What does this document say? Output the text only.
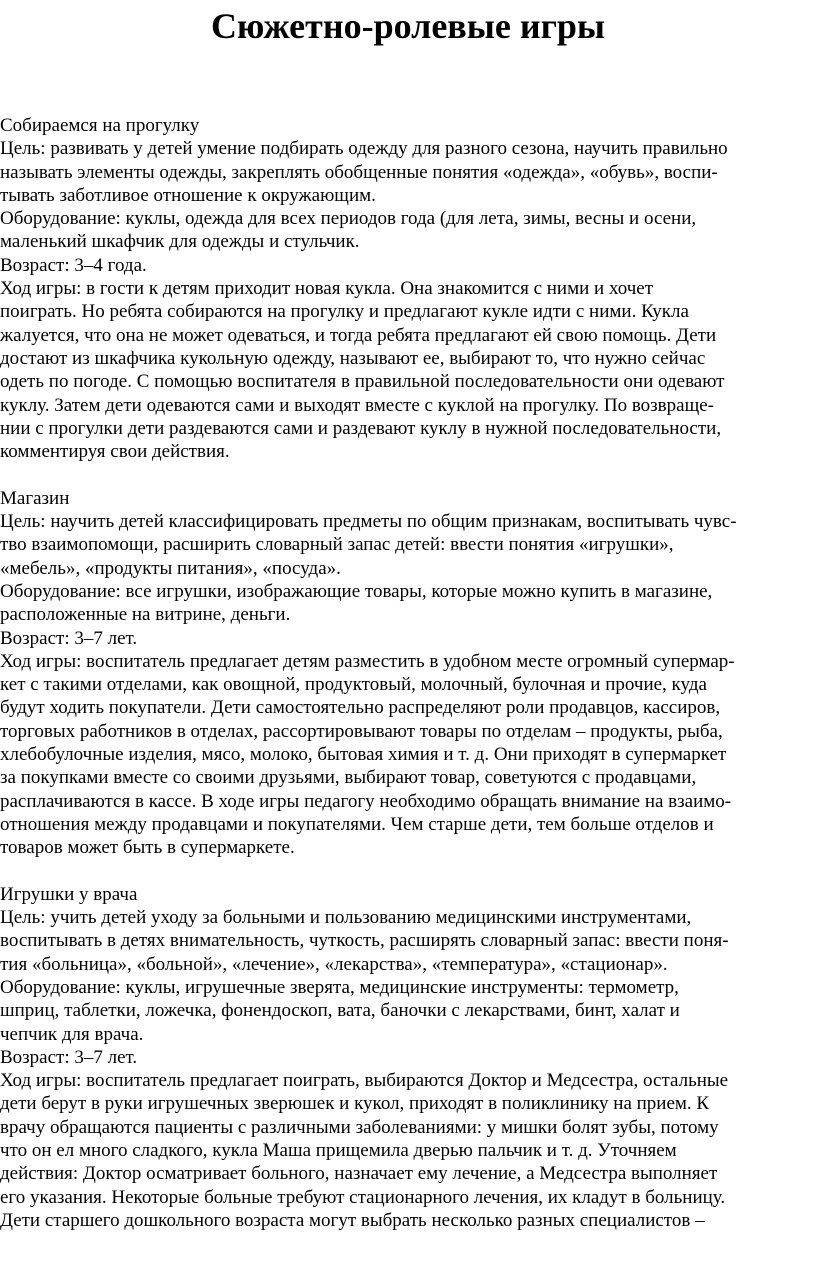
Сюжетно-ролевые игры

Собираемся на прогулку

Цель: развивать у детей умение подбирать одежду для разного сезона, научить правильно
называть элементы одежды, закреплять обобщенные понятия «одежда», «обувь», воспи-
тывать заботливое отношение к окружающим.
Оборудование: куклы, одежда для всех периодов года (для лета, зимы, весны и осени,
маленький шкафчик для одежды и стульчик.
Возраст: 3–4 года.
Ход игры: в гости к детям приходит новая кукла. Она знакомится с ними и хочет
поиграть. Но ребята собираются на прогулку и предлагают кукле идти с ними. Кукла
жалуется, что она не может одеваться, и тогда ребята предлагают ей свою помощь. Дети
достают из шкафчика кукольную одежду, называют ее, выбирают то, что нужно сейчас
одеть по погоде. С помощью воспитателя в правильной последовательности они одевают
куклу. Затем дети одеваются сами и выходят вместе с куклой на прогулку. По возвраще-
нии с прогулки дети раздеваются сами и раздевают куклу в нужной последовательности,
комментируя свои действия.

Магазин

Цель: научить детей классифицировать предметы по общим признакам, воспитывать чувс-
тво взаимопомощи, расширить словарный запас детей: ввести понятия «игрушки»,
«мебель», «продукты питания», «посуда».
Оборудование: все игрушки, изображающие товары, которые можно купить в магазине,
расположенные на витрине, деньги.
Возраст: 3–7 лет.
Ход игры: воспитатель предлагает детям разместить в удобном месте огромный супермар-
кет с такими отделами, как овощной, продуктовый, молочный, булочная и прочие, куда
будут ходить покупатели. Дети самостоятельно распределяют роли продавцов, кассиров,
торговых работников в отделах, рассортировывают товары по отделам – продукты, рыба,
хлебобулочные изделия, мясо, молоко, бытовая химия и т. д. Они приходят в супермаркет
за покупками вместе со своими друзьями, выбирают товар, советуются с продавцами,
расплачиваются в кассе. В ходе игры педагогу необходимо обращать внимание на взаимо-
отношения между продавцами и покупателями. Чем старше дети, тем больше отделов и
товаров может быть в супермаркете.

Игрушки у врача

Цель: учить детей уходу за больными и пользованию медицинскими инструментами,
воспитывать в детях внимательность, чуткость, расширять словарный запас: ввести поня-
тия «больница», «больной», «лечение», «лекарства», «температура», «стационар».
Оборудование: куклы, игрушечные зверята, медицинские инструменты: термометр,
шприц, таблетки, ложечка, фонендоскоп, вата, баночки с лекарствами, бинт, халат и
чепчик для врача.
Возраст: 3–7 лет.
Ход игры: воспитатель предлагает поиграть, выбираются Доктор и Медсестра, остальные
дети берут в руки игрушечных зверюшек и кукол, приходят в поликлинику на прием. К
врачу обращаются пациенты с различными заболеваниями: у мишки болят зубы, потому
что он ел много сладкого, кукла Маша прищемила дверью пальчик и т. д. Уточняем
действия: Доктор осматривает больного, назначает ему лечение, а Медсестра выполняет
его указания. Некоторые больные требуют стационарного лечения, их кладут в больницу.
Дети старшего дошкольного возраста могут выбрать несколько разных специалистов –
